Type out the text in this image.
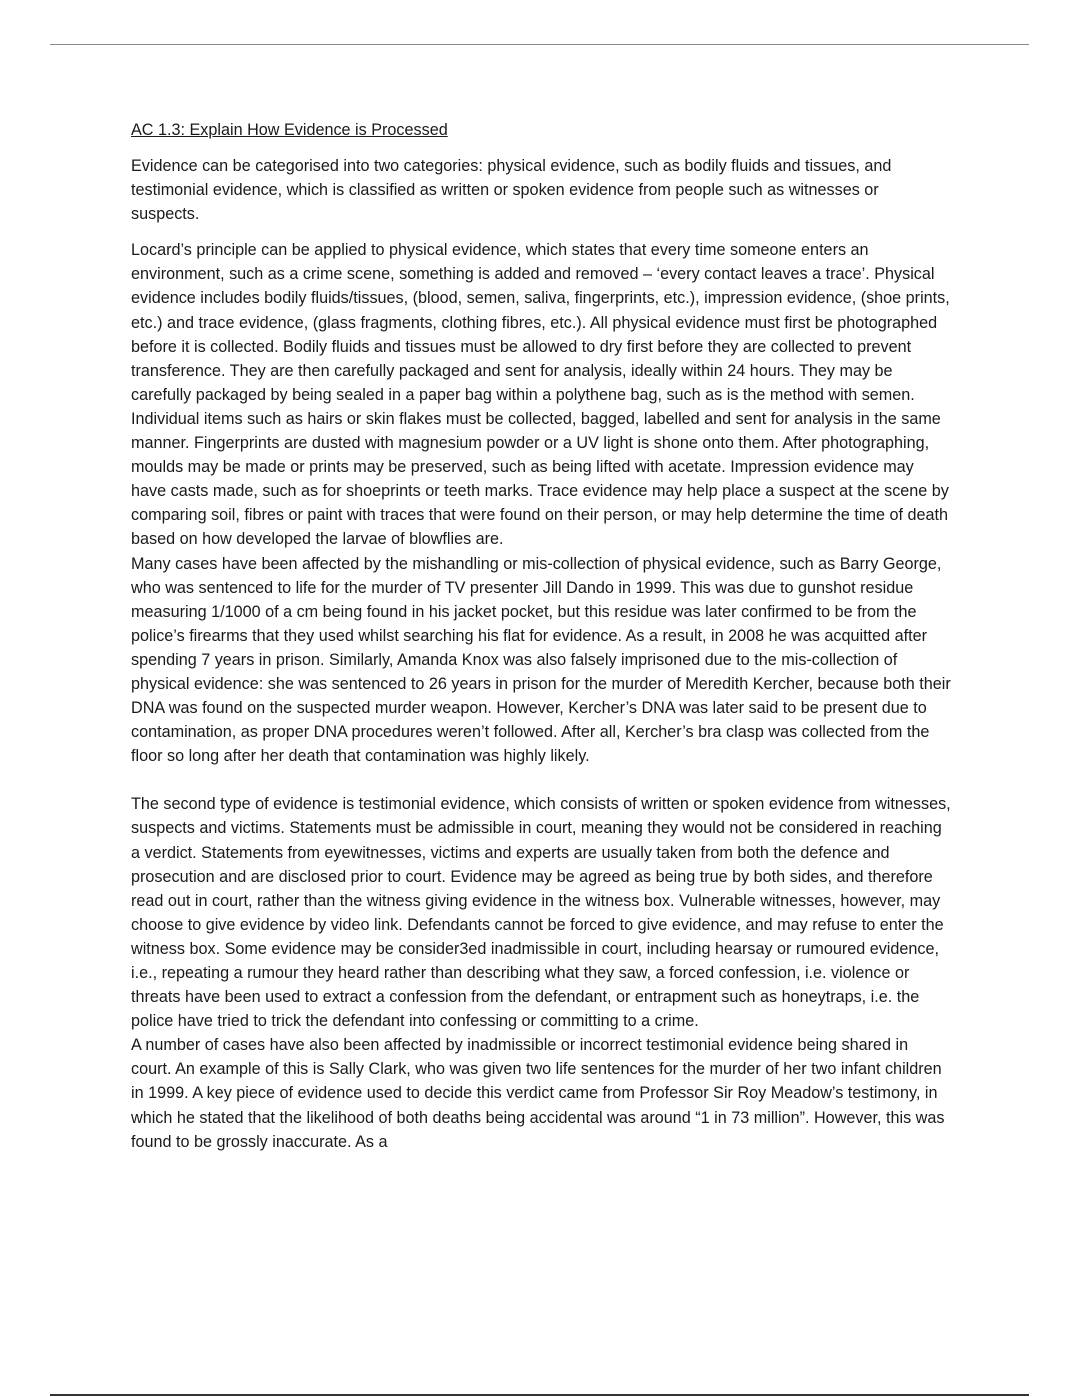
AC 1.3: Explain How Evidence is Processed

Evidence can be categorised into two categories: physical evidence, such as bodily fluids and tissues, and testimonial evidence, which is classified as written or spoken evidence from people such as witnesses or suspects.

Locard’s principle can be applied to physical evidence, which states that every time someone enters an environment, such as a crime scene, something is added and removed – ‘every contact leaves a trace’. Physical evidence includes bodily fluids/tissues, (blood, semen, saliva, fingerprints, etc.), impression evidence, (shoe prints, etc.) and trace evidence, (glass fragments, clothing fibres, etc.). All physical evidence must first be photographed before it is collected. Bodily fluids and tissues must be allowed to dry first before they are collected to prevent transference. They are then carefully packaged and sent for analysis, ideally within 24 hours. They may be carefully packaged by being sealed in a paper bag within a polythene bag, such as is the method with semen. Individual items such as hairs or skin flakes must be collected, bagged, labelled and sent for analysis in the same manner. Fingerprints are dusted with magnesium powder or a UV light is shone onto them. After photographing, moulds may be made or prints may be preserved, such as being lifted with acetate. Impression evidence may have casts made, such as for shoeprints or teeth marks. Trace evidence may help place a suspect at the scene by comparing soil, fibres or paint with traces that were found on their person, or may help determine the time of death based on how developed the larvae of blowflies are.

Many cases have been affected by the mishandling or mis-collection of physical evidence, such as Barry George, who was sentenced to life for the murder of TV presenter Jill Dando in 1999. This was due to gunshot residue measuring 1/1000 of a cm being found in his jacket pocket, but this residue was later confirmed to be from the police’s firearms that they used whilst searching his flat for evidence. As a result, in 2008 he was acquitted after spending 7 years in prison. Similarly, Amanda Knox was also falsely imprisoned due to the mis-collection of physical evidence: she was sentenced to 26 years in prison for the murder of Meredith Kercher, because both their DNA was found on the suspected murder weapon. However, Kercher’s DNA was later said to be present due to contamination, as proper DNA procedures weren’t followed. After all, Kercher’s bra clasp was collected from the floor so long after her death that contamination was highly likely.

The second type of evidence is testimonial evidence, which consists of written or spoken evidence from witnesses, suspects and victims. Statements must be admissible in court, meaning they would not be considered in reaching a verdict. Statements from eyewitnesses, victims and experts are usually taken from both the defence and prosecution and are disclosed prior to court. Evidence may be agreed as being true by both sides, and therefore read out in court, rather than the witness giving evidence in the witness box. Vulnerable witnesses, however, may choose to give evidence by video link. Defendants cannot be forced to give evidence, and may refuse to enter the witness box. Some evidence may be consider3ed inadmissible in court, including hearsay or rumoured evidence, i.e., repeating a rumour they heard rather than describing what they saw, a forced confession, i.e. violence or threats have been used to extract a confession from the defendant, or entrapment such as honeytraps, i.e. the police have tried to trick the defendant into confessing or committing to a crime.

A number of cases have also been affected by inadmissible or incorrect testimonial evidence being shared in court. An example of this is Sally Clark, who was given two life sentences for the murder of her two infant children in 1999. A key piece of evidence used to decide this verdict came from Professor Sir Roy Meadow’s testimony, in which he stated that the likelihood of both deaths being accidental was around “1 in 73 million”. However, this was found to be grossly inaccurate. As a
